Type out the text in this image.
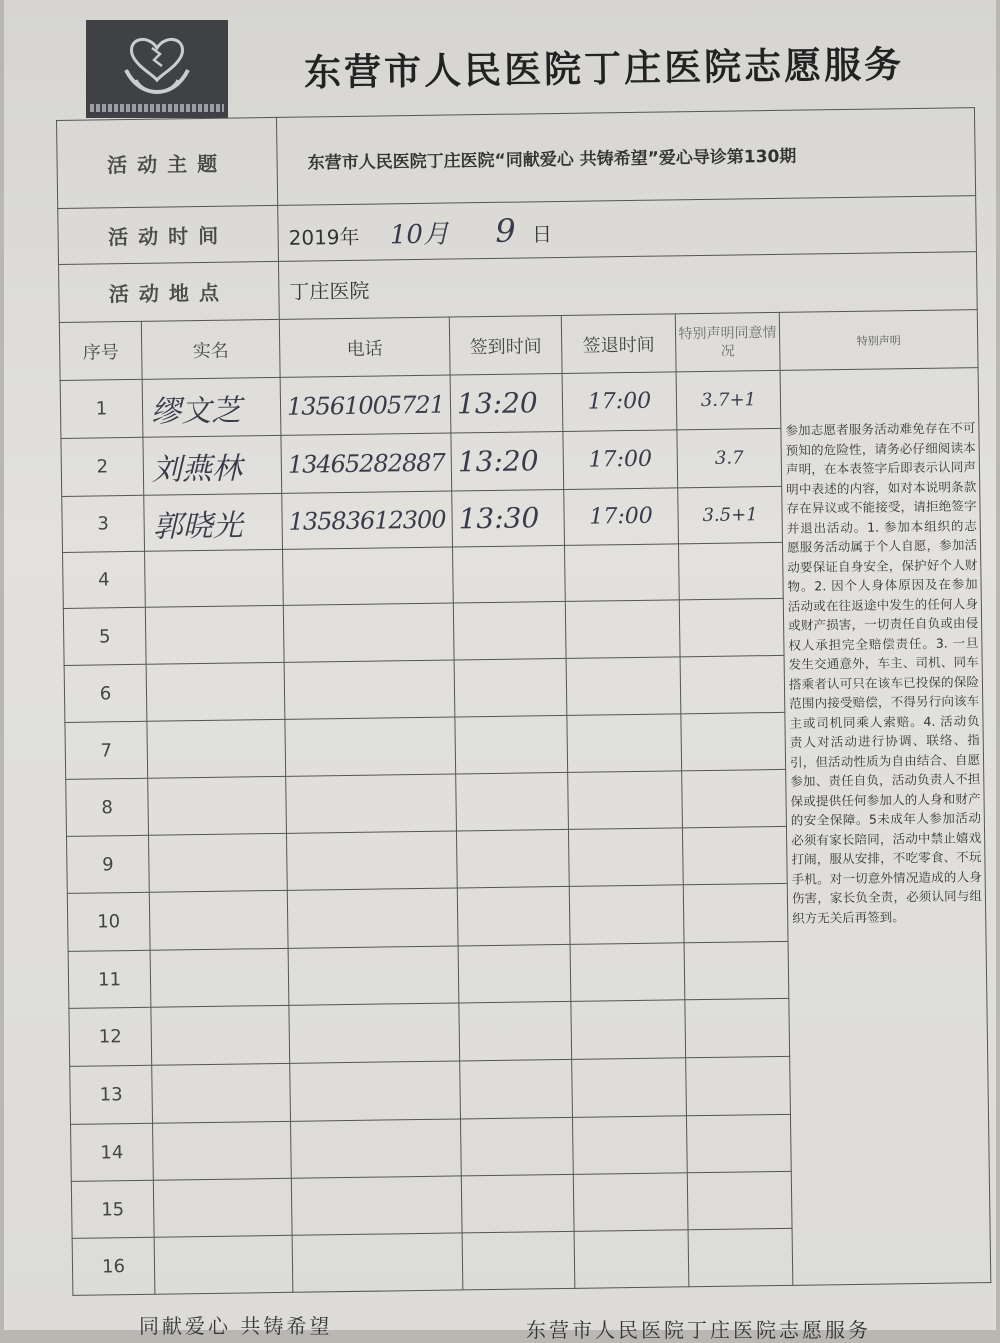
东营市人民医院丁庄医院志愿服务
活动主题		东营市人民医院丁庄医院“同献爱心 共铸希望”爱心导诊第130期				
活动时间		2019年 10月 9 日				
活动地点		丁庄医院				
序号	实名	电话	签到时间	签退时间	特别声明同意情况	特别声明
1	缪文芝	13561005721	13:20	17:00	3.7+1	参加志愿者服务活动难免存在不可预知的危险性，请务必仔细阅读本声明，在本表签字后即表示认同声明中表述的内容，如对本说明条款存在异议或不能接受，请拒绝签字并退出活动。1. 参加本组织的志愿服务活动属于个人自愿，参加活动要保证自身安全，保护好个人财物。2. 因个人身体原因及在参加活动或在往返途中发生的任何人身或财产损害，一切责任自负或由侵权人承担完全赔偿责任。3. 一旦发生交通意外，车主、司机、同车搭乘者认可只在该车已投保的保险范围内接受赔偿，不得另行向该车主或司机同乘人索赔。4. 活动负责人对活动进行协调、联络、指引，但活动性质为自由结合、自愿参加、责任自负，活动负责人不担保或提供任何参加人的人身和财产的安全保障。5未成年人参加活动必须有家长陪同，活动中禁止嬉戏打闹，服从安排，不吃零食、不玩手机。对一切意外情况造成的人身伤害，家长负全责，必须认同与组织方无关后再签到。
2	刘燕林	13465282887	13:20	17:00	3.7	
3	郭晓光	13583612300	13:30	17:00	3.5+1	
4						
5						
6						
7						
8						
9						
10						
11						
12						
13						
14						
15						
16						
同献爱心 共铸希望	东营市人民医院丁庄医院志愿服务
